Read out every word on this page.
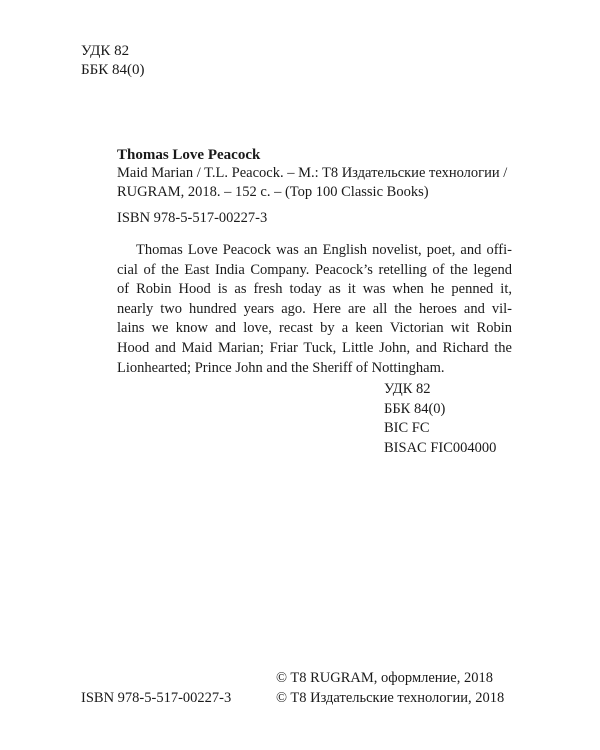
УДК 82
ББК 84(0)
Thomas Love Peacock
Maid Marian / T.L. Peacock. – M.: T8 Издательские технологии /
RUGRAM, 2018. – 152 с. – (Top 100 Classic Books)
ISBN 978-5-517-00227-3
Thomas Love Peacock was an English novelist, poet, and offi-
cial of the East India Company. Peacock’s retelling of the legend
of Robin Hood is as fresh today as it was when he penned it,
nearly two hundred years ago. Here are all the heroes and vil-
lains we know and love, recast by a keen Victorian wit Robin
Hood and Maid Marian; Friar Tuck, Little John, and Richard the
Lionhearted; Prince John and the Sheriff of Nottingham.
УДК 82
ББК 84(0)
BIC FC
BISAC FIC004000
© T8 RUGRAM, оформление, 2018
© T8 Издательские технологии, 2018
ISBN 978-5-517-00227-3
